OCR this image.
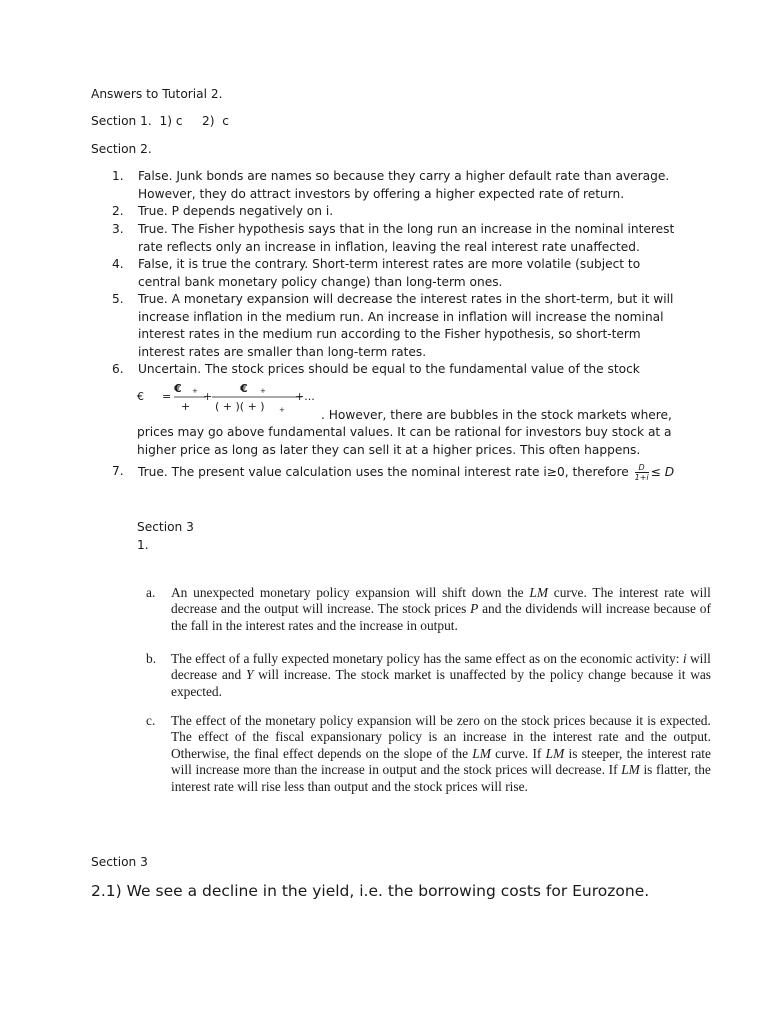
Answers to Tutorial 2.
Section 1.  1) c     2)  c
Section 2.
1. False. Junk bonds are names so because they carry a higher default rate than average. However, they do attract investors by offering a higher expected rate of return.
2. True. P depends negatively on i.
3. True. The Fisher hypothesis says that in the long run an increase in the nominal interest rate reflects only an increase in inflation, leaving the real interest rate unaffected.
4. False, it is true the contrary. Short-term interest rates are more volatile (subject to central bank monetary policy change) than long-term ones.
5. True. A monetary expansion will decrease the interest rates in the short-term, but it will increase inflation in the medium run. An increase in inflation will increase the nominal interest rates in the medium run according to the Fisher hypothesis, so short-term interest rates are smaller than long-term rates.
6. Uncertain. The stock prices should be equal to the fundamental value of the stock
€ =
€ + +
+
€ +
( + )( + ) +
+...
. However, there are bubbles in the stock markets where,
prices may go above fundamental values. It can be rational for investors buy stock at a higher price as long as later they can sell it at a higher prices. This often happens.
7. True. The present value calculation uses the nominal interest rate i≥0, therefore $\frac{D}{1+i} \le D$
Section 3
1.
a. An unexpected monetary policy expansion will shift down the LM curve. The interest rate will decrease and the output will increase. The stock prices P and the dividends will increase because of the fall in the interest rates and the increase in output.
b. The effect of a fully expected monetary policy has the same effect as on the economic activity: i will decrease and Y will increase. The stock market is unaffected by the policy change because it was expected.
c. The effect of the monetary policy expansion will be zero on the stock prices because it is expected. The effect of the fiscal expansionary policy is an increase in the interest rate and the output. Otherwise, the final effect depends on the slope of the LM curve. If LM is steeper, the interest rate will increase more than the increase in output and the stock prices will decrease. If LM is flatter, the interest rate will rise less than output and the stock prices will rise.
Section 3
2.1) We see a decline in the yield, i.e. the borrowing costs for Eurozone.
